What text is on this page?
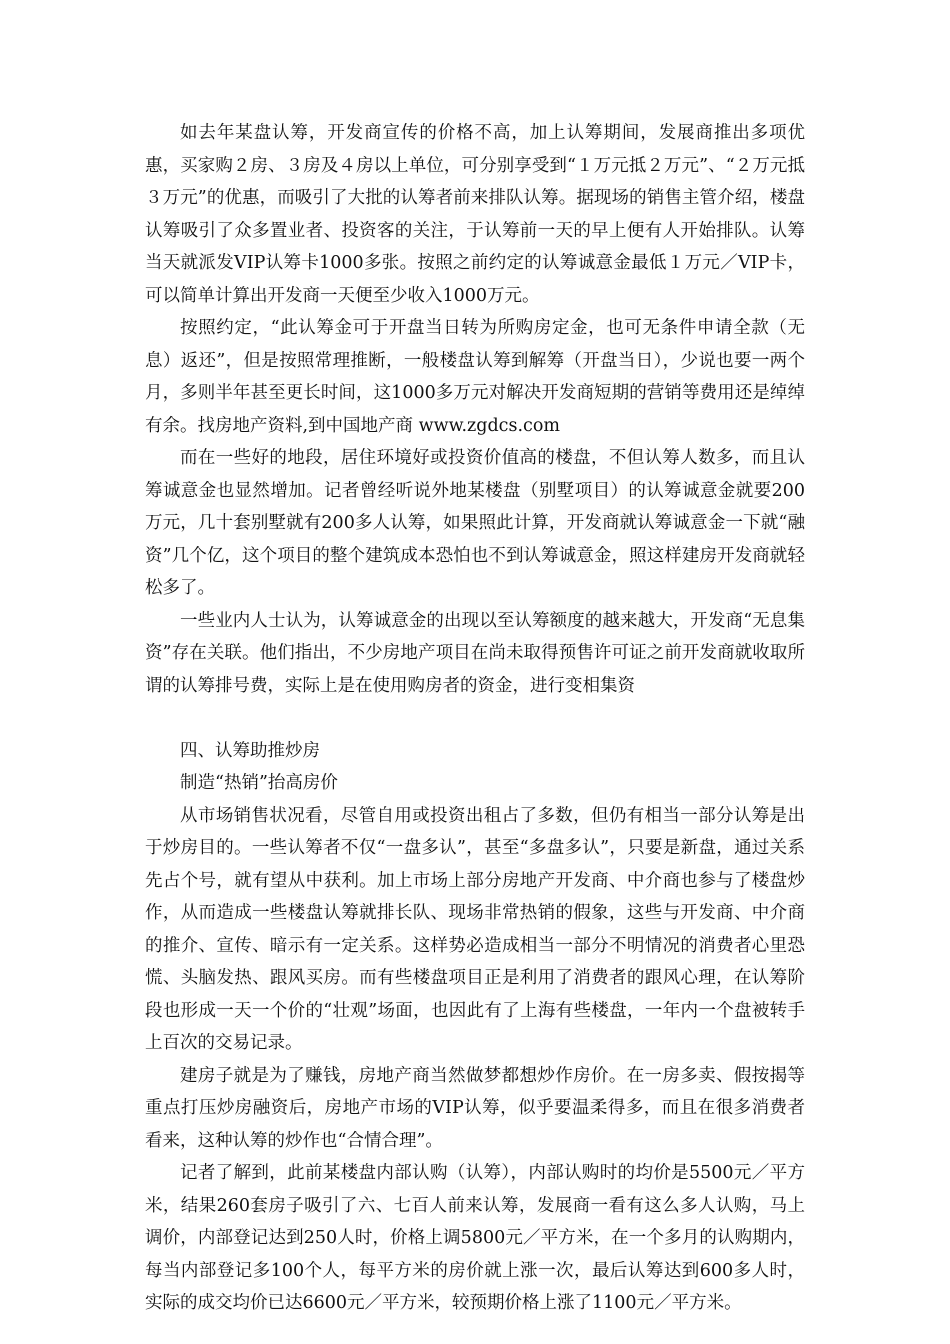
如去年某盘认筹，开发商宣传的价格不高，加上认筹期间，发展商推出多项优惠，买家购２房、３房及４房以上单位，可分别享受到“１万元抵２万元”、“２万元抵３万元”的优惠，而吸引了大批的认筹者前来排队认筹。据现场的销售主管介绍，楼盘认筹吸引了众多置业者、投资客的关注，于认筹前一天的早上便有人开始排队。认筹当天就派发VIP认筹卡1000多张。按照之前约定的认筹诚意金最低１万元／VIP卡，可以简单计算出开发商一天便至少收入1000万元。

按照约定，“此认筹金可于开盘当日转为所购房定金，也可无条件申请全款（无息）返还”，但是按照常理推断，一般楼盘认筹到解筹（开盘当日），少说也要一两个月，多则半年甚至更长时间，这1000多万元对解决开发商短期的营销等费用还是绰绰有余。找房地产资料,到中国地产商 www.zgdcs.com

而在一些好的地段，居住环境好或投资价值高的楼盘，不但认筹人数多，而且认筹诚意金也显然增加。记者曾经听说外地某楼盘（别墅项目）的认筹诚意金就要200万元，几十套别墅就有200多人认筹，如果照此计算，开发商就认筹诚意金一下就“融资”几个亿，这个项目的整个建筑成本恐怕也不到认筹诚意金，照这样建房开发商就轻松多了。

一些业内人士认为，认筹诚意金的出现以至认筹额度的越来越大，开发商“无息集资”存在关联。他们指出，不少房地产项目在尚未取得预售许可证之前开发商就收取所谓的认筹排号费，实际上是在使用购房者的资金，进行变相集资

四、认筹助推炒房

制造“热销”抬高房价

从市场销售状况看，尽管自用或投资出租占了多数，但仍有相当一部分认筹是出于炒房目的。一些认筹者不仅“一盘多认”，甚至“多盘多认”，只要是新盘，通过关系先占个号，就有望从中获利。加上市场上部分房地产开发商、中介商也参与了楼盘炒作，从而造成一些楼盘认筹就排长队、现场非常热销的假象，这些与开发商、中介商的推介、宣传、暗示有一定关系。这样势必造成相当一部分不明情况的消费者心里恐慌、头脑发热、跟风买房。而有些楼盘项目正是利用了消费者的跟风心理，在认筹阶段也形成一天一个价的“壮观”场面，也因此有了上海有些楼盘，一年内一个盘被转手上百次的交易记录。

建房子就是为了赚钱，房地产商当然做梦都想炒作房价。在一房多卖、假按揭等重点打压炒房融资后，房地产市场的VIP认筹，似乎要温柔得多，而且在很多消费者看来，这种认筹的炒作也“合情合理”。

记者了解到，此前某楼盘内部认购（认筹），内部认购时的均价是5500元／平方米，结果260套房子吸引了六、七百人前来认筹，发展商一看有这么多人认购，马上调价，内部登记达到250人时，价格上调5800元／平方米，在一个多月的认购期内，每当内部登记多100个人，每平方米的房价就上涨一次，最后认筹达到600多人时，实际的成交均价已达6600元／平方米，较预期价格上涨了1100元／平方米。
